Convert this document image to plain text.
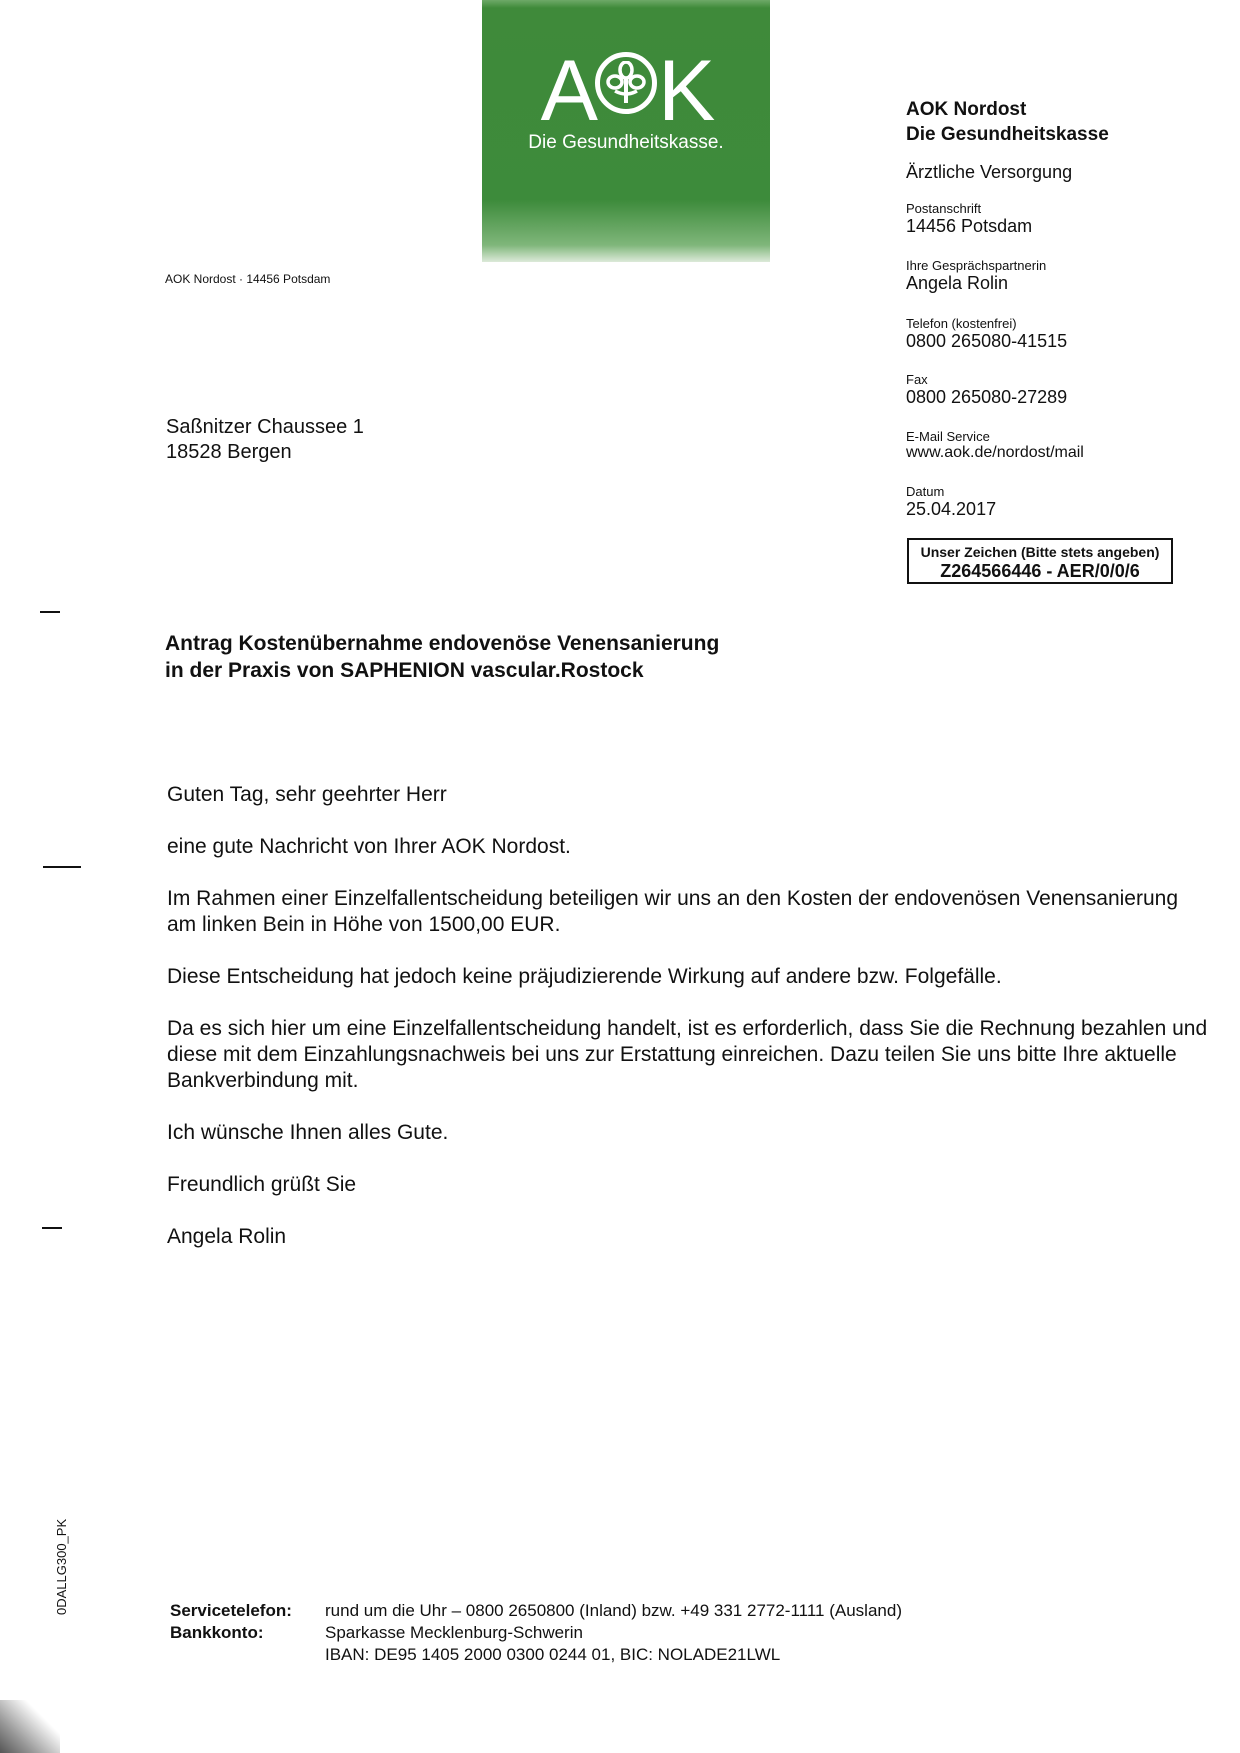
A K
Die Gesundheitskasse.
AOK Nordost
Die Gesundheitskasse
Ärztliche Versorgung
Postanschrift
14456 Potsdam
Ihre Gesprächspartnerin
Angela Rolin
Telefon (kostenfrei)
0800 265080-41515
Fax
0800 265080-27289
E-Mail Service
www.aok.de/nordost/mail
Datum
25.04.2017
Unser Zeichen (Bitte stets angeben)
Z264566446 - AER/0/0/6
AOK Nordost · 14456 Potsdam
Saßnitzer Chaussee 1
18528 Bergen
Antrag Kostenübernahme endovenöse Venensanierung
in der Praxis von SAPHENION vascular.Rostock

Guten Tag, sehr geehrter Herr

eine gute Nachricht von Ihrer AOK Nordost.

Im Rahmen einer Einzelfallentscheidung beteiligen wir uns an den Kosten der endovenösen Venensanierung am linken Bein in Höhe von 1500,00 EUR.

Diese Entscheidung hat jedoch keine präjudizierende Wirkung auf andere bzw. Folgefälle.

Da es sich hier um eine Einzelfallentscheidung handelt, ist es erforderlich, dass Sie die Rechnung bezahlen und diese mit dem Einzahlungsnachweis bei uns zur Erstattung einreichen. Dazu teilen Sie uns bitte Ihre aktuelle Bankverbindung mit.

Ich wünsche Ihnen alles Gute.

Freundlich grüßt Sie

Angela Rolin

Servicetelefon: rund um die Uhr – 0800 2650800 (Inland) bzw. +49 331 2772-1111 (Ausland)
Bankkonto:	Sparkasse Mecklenburg-Schwerin
IBAN: DE95 1405 2000 0300 0244 01, BIC: NOLADE21LWL
0DALLG300_PK
